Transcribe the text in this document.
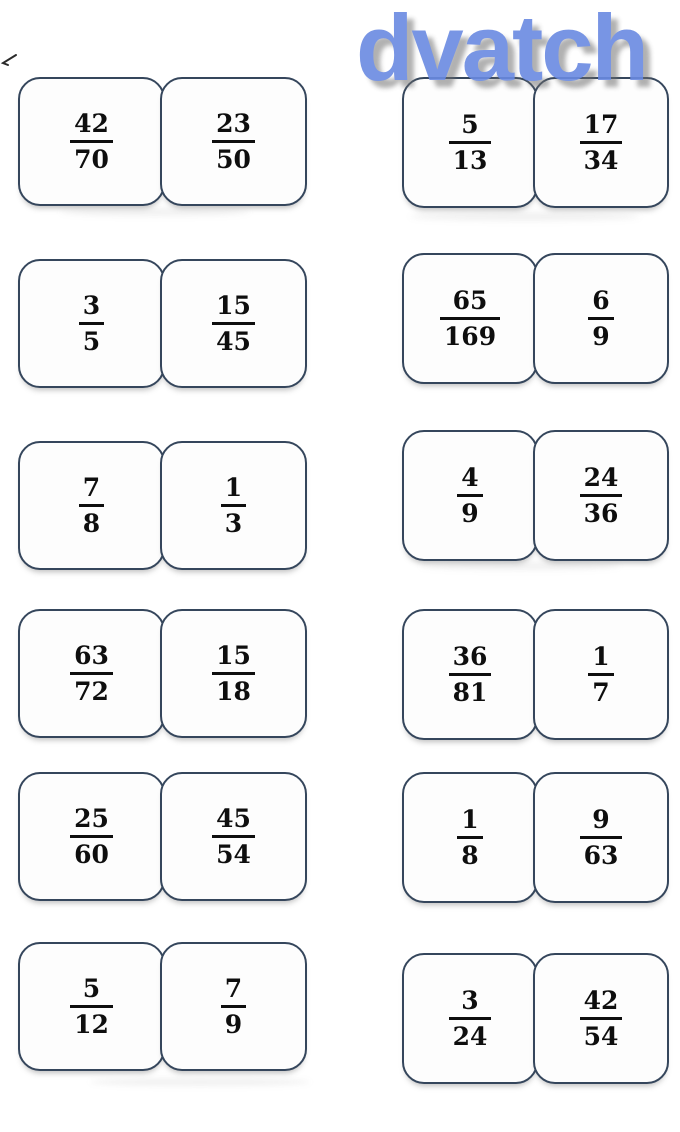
dvatch
$\frac{42}{70}$	$\frac{23}{50}$	$\frac{5}{13}$	$\frac{17}{34}$
$\frac{3}{5}$	$\frac{15}{45}$	$\frac{65}{169}$	$\frac{6}{9}$
$\frac{7}{8}$	$\frac{1}{3}$	$\frac{4}{9}$	$\frac{24}{36}$
$\frac{63}{72}$	$\frac{15}{18}$	$\frac{36}{81}$	$\frac{1}{7}$
$\frac{25}{60}$	$\frac{45}{54}$	$\frac{1}{8}$	$\frac{9}{63}$
$\frac{5}{12}$	$\frac{7}{9}$	$\frac{3}{24}$	$\frac{42}{54}$
